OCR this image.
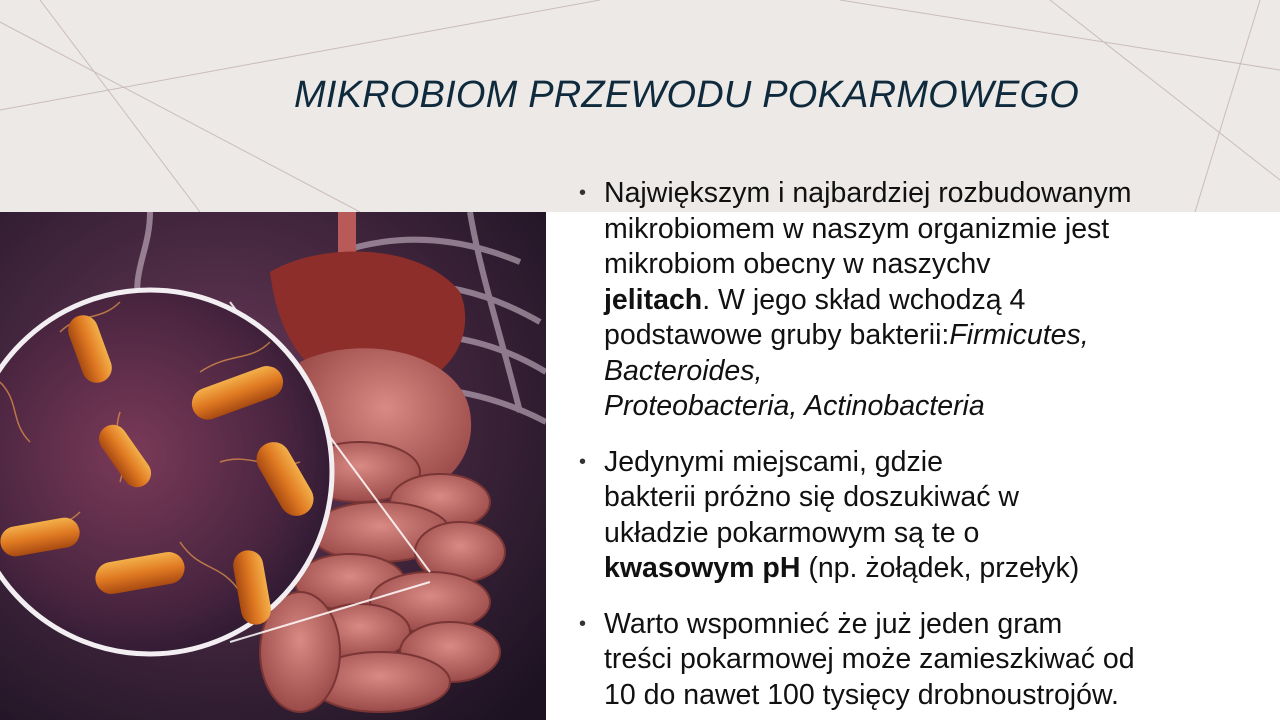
MIKROBIOM PRZEWODU POKARMOWEGO
• Największym i najbardziej rozbudowanym
mikrobiomem w naszym organizmie jest
mikrobiom obecny w naszychv
jelitach. W jego skład wchodzą 4
podstawowe gruby bakterii:Firmicutes,
Bacteroides,
Proteobacteria, Actinobacteria
• Jedynymi miejscami, gdzie
bakterii próżno się doszukiwać w
układzie pokarmowym są te o
kwasowym pH (np. żołądek, przełyk)
• Warto wspomnieć że już jeden gram
treści pokarmowej może zamieszkiwać od
10 do nawet 100 tysięcy drobnoustrojów.
